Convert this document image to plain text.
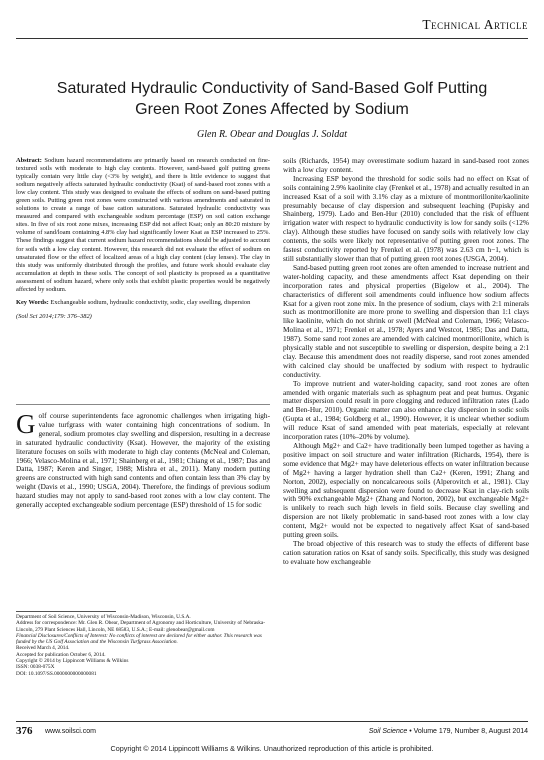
Technical Article
Saturated Hydraulic Conductivity of Sand-Based Golf Putting Green Root Zones Affected by Sodium
Glen R. Obear and Douglas J. Soldat

Abstract: Sodium hazard recommendations are primarily based on research conducted on fine-textured soils with moderate to high clay contents. However, sand-based golf putting greens typically contain very little clay (<3% by weight), and there is little evidence to suggest that sodium negatively affects saturated hydraulic conductivity (Ksat) of sand-based root zones with a low clay content. This study was designed to evaluate the effects of sodium on sand-based putting green soils. Putting green root zones were constructed with various amendments and saturated in solutions to create a range of base cation saturations. Saturated hydraulic conductivity was measured and compared with exchangeable sodium percentage (ESP) on soil cation exchange sites. In five of six root zone mixes, increasing ESP did not affect Ksat; only an 80:20 mixture by volume of sand/loam containing 4.8% clay had significantly lower Ksat as ESP increased to 25%. These findings suggest that current sodium hazard recommendations should be adjusted to account for soils with a low clay content. However, this research did not evaluate the effect of sodium on unsaturated flow or the effect of localized areas of a high clay content (clay lenses). The clay in this study was uniformly distributed through the profiles, and future work should evaluate clay accumulation at depth in these soils. The concept of soil plasticity is proposed as a quantitative assessment of sodium hazard, where only soils that exhibit plastic properties would be negatively affected by sodium.

Key Words: Exchangeable sodium, hydraulic conductivity, sodic, clay swelling, dispersion

(Soil Sci 2014;179: 376–382)

Golf course superintendents face agronomic challenges when irrigating high-value turfgrass with water containing high concentrations of sodium. In general, sodium promotes clay swelling and dispersion, resulting in a decrease in saturated hydraulic conductivity (Ksat). However, the majority of the existing literature focuses on soils with moderate to high clay contents (McNeal and Coleman, 1966; Velasco-Molina et al., 1971; Shainberg et al., 1981; Chiang et al., 1987; Das and Datta, 1987; Keren and Singer, 1988; Mishra et al., 2011). Many modern putting greens are constructed with high sand contents and often contain less than 3% clay by weight (Davis et al., 1990; USGA, 2004). Therefore, the findings of previous sodium hazard studies may not apply to sand-based root zones with a low clay content. The generally accepted exchangeable sodium percentage (ESP) threshold of 15 for sodic

Department of Soil Science, University of Wisconsin-Madison, Wisconsin, U.S.A.

Address for correspondence: Mr. Glen R. Obear, Department of Agronomy and Horticulture, University of Nebraska-Lincoln, 279 Plant Sciences Hall, Lincoln, NE 68583, U.S.A.; E-mail: glenobear@gmail.com

Financial Disclosures/Conflicts of Interest: No conflicts of interest are declared for either author. This research was funded by the US Golf Association and the Wisconsin Turfgrass Association.

Received March 4, 2014.

Accepted for publication October 6, 2014.

Copyright © 2014 by Lippincott Williams & Wilkins

ISSN: 0038-075X

DOI: 10.1097/SS.0000000000000081

soils (Richards, 1954) may overestimate sodium hazard in sand-based root zones with a low clay content.

Increasing ESP beyond the threshold for sodic soils had no effect on Ksat of soils containing 2.9% kaolinite clay (Frenkel et al., 1978) and actually resulted in an increased Ksat of a soil with 3.1% clay as a mixture of montmorillonite/kaolinite presumably because of clay dispersion and subsequent leaching (Pupisky and Shainberg, 1979). Lado and Ben-Hur (2010) concluded that the risk of effluent irrigation water with respect to hydraulic conductivity is low for sandy soils (<12% clay). Although these studies have focused on sandy soils with relatively low clay contents, the soils were likely not representative of putting green root zones. The fastest conductivity reported by Frenkel et al. (1978) was 2.63 cm h−1, which is still substantially slower than that of putting green root zones (USGA, 2004).

Sand-based putting green root zones are often amended to increase nutrient and water-holding capacity, and these amendments affect Ksat depending on their incorporation rates and physical properties (Bigelow et al., 2004). The characteristics of different soil amendments could influence how sodium affects Ksat for a given root zone mix. In the presence of sodium, clays with 2:1 minerals such as montmorillonite are more prone to swelling and dispersion than 1:1 clays like kaolinite, which do not shrink or swell (McNeal and Coleman, 1966; Velasco-Molina et al., 1971; Frenkel et al., 1978; Ayers and Westcot, 1985; Das and Datta, 1987). Some sand root zones are amended with calcined montmorillonite, which is physically stable and not susceptible to swelling or dispersion, despite being a 2:1 clay. Because this amendment does not readily disperse, sand root zones amended with calcined clay should be unaffected by sodium with respect to hydraulic conductivity.

To improve nutrient and water-holding capacity, sand root zones are often amended with organic materials such as sphagnum peat and peat humus. Organic matter dispersion could result in pore clogging and reduced infiltration rates (Lado and Ben-Hur, 2010). Organic matter can also enhance clay dispersion in sodic soils (Gupta et al., 1984; Goldberg et al., 1990). However, it is unclear whether sodium will reduce Ksat of sand amended with peat materials, especially at relevant incorporation rates (10%–20% by volume).

Although Mg2+ and Ca2+ have traditionally been lumped together as having a positive impact on soil structure and water infiltration (Richards, 1954), there is some evidence that Mg2+ may have deleterious effects on water infiltration because of Mg2+ having a larger hydration shell than Ca2+ (Keren, 1991; Zhang and Norton, 2002), especially on noncalcareous soils (Alperovitch et al., 1981). Clay swelling and subsequent dispersion were found to decrease Ksat in clay-rich soils with 90% exchangeable Mg2+ (Zhang and Norton, 2002), but exchangeable Mg2+ is unlikely to reach such high levels in field soils. Because clay swelling and dispersion are not likely problematic in sand-based root zones with a low clay content, Mg2+ would not be expected to negatively affect Ksat of sand-based putting green soils.

The broad objective of this research was to study the effects of different base cation saturation ratios on Ksat of sandy soils. Specifically, this study was designed to evaluate how exchangeable

376 www.soilsci.com	Soil Science • Volume 179, Number 8, August 2014
Copyright © 2014 Lippincott Williams & Wilkins. Unauthorized reproduction of this article is prohibited.
